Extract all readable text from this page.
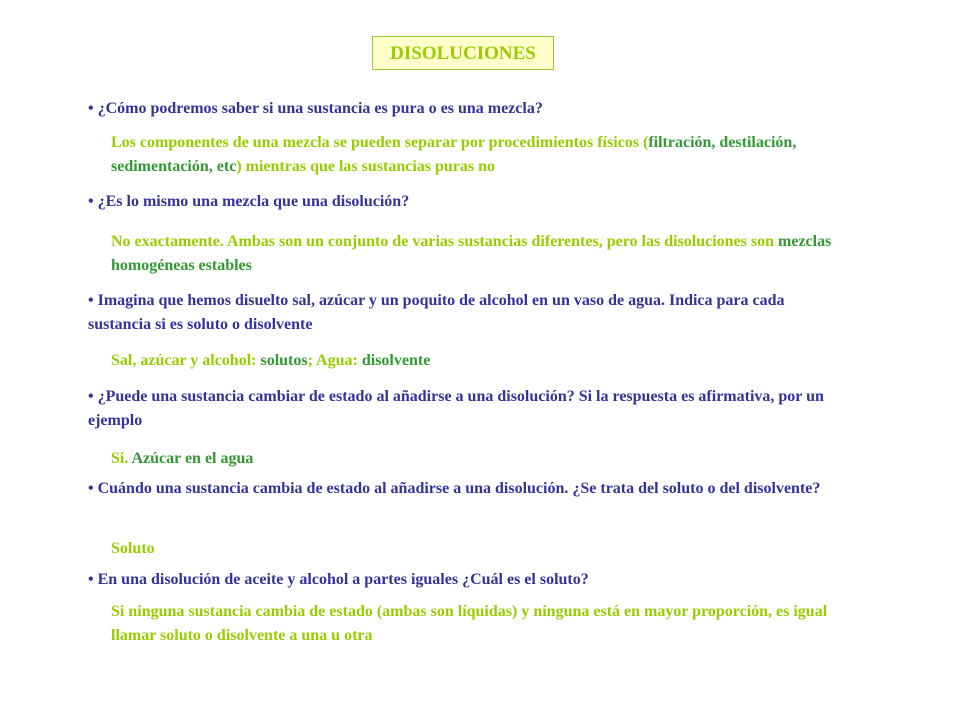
DISOLUCIONES
• ¿Cómo podremos saber si una sustancia es pura o es una mezcla?
Los componentes de una mezcla se pueden separar por procedimientos físicos (filtración, destilación, sedimentación, etc) mientras que las sustancias puras no
• ¿Es lo mismo una mezcla que una disolución?
No exactamente. Ambas son un conjunto de varias sustancias diferentes, pero las disoluciones son mezclas homogéneas estables
• Imagina que hemos disuelto sal, azúcar y un poquito de alcohol en un vaso de agua. Indica para cada sustancia si es soluto o disolvente
Sal, azúcar y alcohol: solutos; Agua: disolvente
• ¿Puede una sustancia cambiar de estado al añadirse a una disolución? Si la respuesta es afirmativa, por un ejemplo
Si. Azúcar en el agua
• Cuándo una sustancia cambia de estado al añadirse a una disolución. ¿Se trata del soluto o del disolvente?
Soluto
• En una disolución de aceite y alcohol a partes iguales ¿Cuál es el soluto?
Si ninguna sustancia cambia de estado (ambas son líquidas) y ninguna está en mayor proporción, es igual llamar soluto o disolvente a una u otra
